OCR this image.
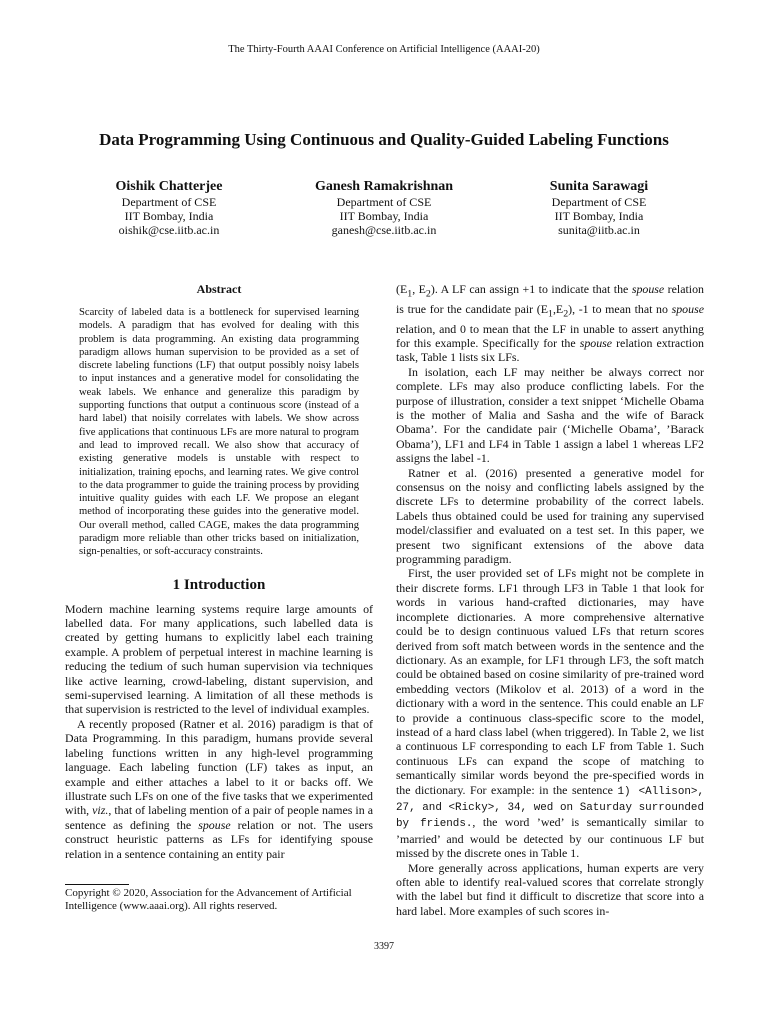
The Thirty-Fourth AAAI Conference on Artificial Intelligence (AAAI-20)
Data Programming Using Continuous and Quality-Guided Labeling Functions
Oishik Chatterjee
Department of CSE
IIT Bombay, India
oishik@cse.iitb.ac.in
Ganesh Ramakrishnan
Department of CSE
IIT Bombay, India
ganesh@cse.iitb.ac.in
Sunita Sarawagi
Department of CSE
IIT Bombay, India
sunita@iitb.ac.in
Abstract

Scarcity of labeled data is a bottleneck for supervised learning models. A paradigm that has evolved for dealing with this problem is data programming. An existing data programming paradigm allows human supervision to be provided as a set of discrete labeling functions (LF) that output possibly noisy labels to input instances and a generative model for consolidating the weak labels. We enhance and generalize this paradigm by supporting functions that output a continuous score (instead of a hard label) that noisily correlates with labels. We show across five applications that continuous LFs are more natural to program and lead to improved recall. We also show that accuracy of existing generative models is unstable with respect to initialization, training epochs, and learning rates. We give control to the data programmer to guide the training process by providing intuitive quality guides with each LF. We propose an elegant method of incorporating these guides into the generative model. Our overall method, called CAGE, makes the data programming paradigm more reliable than other tricks based on initialization, sign-penalties, or soft-accuracy constraints.

1 Introduction

Modern machine learning systems require large amounts of labelled data. For many applications, such labelled data is created by getting humans to explicitly label each training example. A problem of perpetual interest in machine learning is reducing the tedium of such human supervision via techniques like active learning, crowd-labeling, distant supervision, and semi-supervised learning. A limitation of all these methods is that supervision is restricted to the level of individual examples.

A recently proposed (Ratner et al. 2016) paradigm is that of Data Programming. In this paradigm, humans provide several labeling functions written in any high-level programming language. Each labeling function (LF) takes as input, an example and either attaches a label to it or backs off. We illustrate such LFs on one of the five tasks that we experimented with, viz., that of labeling mention of a pair of people names in a sentence as defining the spouse relation or not. The users construct heuristic patterns as LFs for identifying spouse relation in a sentence containing an entity pair

Copyright © 2020, Association for the Advancement of Artificial Intelligence (www.aaai.org). All rights reserved.

($E_1$, $E_2$). A LF can assign +1 to indicate that the spouse relation is true for the candidate pair $(E_1,E_2)$, -1 to mean that no spouse relation, and 0 to mean that the LF in unable to assert anything for this example. Specifically for the spouse relation extraction task, Table 1 lists six LFs.

In isolation, each LF may neither be always correct nor complete. LFs may also produce conflicting labels. For the purpose of illustration, consider a text snippet ‘Michelle Obama is the mother of Malia and Sasha and the wife of Barack Obama’. For the candidate pair (‘Michelle Obama’, ’Barack Obama’), LF1 and LF4 in Table 1 assign a label 1 whereas LF2 assigns the label -1.

Ratner et al. (2016) presented a generative model for consensus on the noisy and conflicting labels assigned by the discrete LFs to determine probability of the correct labels. Labels thus obtained could be used for training any supervised model/classifier and evaluated on a test set. In this paper, we present two significant extensions of the above data programming paradigm.

First, the user provided set of LFs might not be complete in their discrete forms. LF1 through LF3 in Table 1 that look for words in various hand-crafted dictionaries, may have incomplete dictionaries. A more comprehensive alternative could be to design continuous valued LFs that return scores derived from soft match between words in the sentence and the dictionary. As an example, for LF1 through LF3, the soft match could be obtained based on cosine similarity of pre-trained word embedding vectors (Mikolov et al. 2013) of a word in the dictionary with a word in the sentence. This could enable an LF to provide a continuous class-specific score to the model, instead of a hard class label (when triggered). In Table 2, we list a continuous LF corresponding to each LF from Table 1. Such continuous LFs can expand the scope of matching to semantically similar words beyond the pre-specified words in the dictionary. For example: in the sentence 1) <Allison>, 27, and <Ricky>, 34, wed on Saturday surrounded by friends., the word ’wed’ is semantically similar to ’married’ and would be detected by our continuous LF but missed by the discrete ones in Table 1.

More generally across applications, human experts are very often able to identify real-valued scores that correlate strongly with the label but find it difficult to discretize that score into a hard label. More examples of such scores in-

3397
